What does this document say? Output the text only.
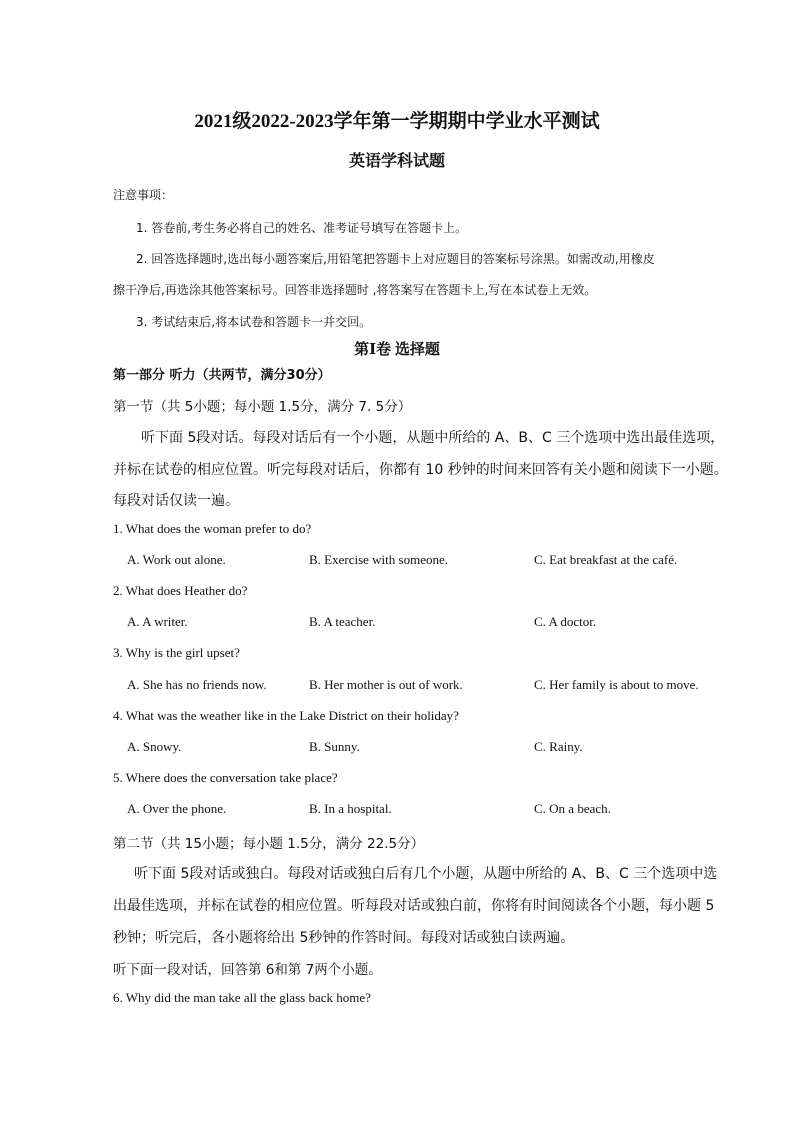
2021级2022-2023学年第一学期期中学业水平测试
英语学科试题
注意事项：
1. 答卷前,考生务必将自己的姓名、准考证号填写在答题卡上。
2. 回答选择题时,选出每小题答案后,用铅笔把答题卡上对应题目的答案标号涂黑。如需改动,用橡皮
擦干净后,再选涂其他答案标号。回答非选择题时 ,将答案写在答题卡上,写在本试卷上无效。
3. 考试结束后,将本试卷和答题卡一并交回。
第Ⅰ卷 选择题
第一部分 听力（共两节，满分30分）
第一节（共 5小题；每小题 1.5分，满分 7. 5分）
听下面 5段对话。每段对话后有一个小题，从题中所给的 A、B、C 三个选项中选出最佳选项，
并标在试卷的相应位置。听完每段对话后，你都有 10 秒钟的时间来回答有关小题和阅读下一小题。
每段对话仅读一遍。
1. What does the woman prefer to do?
A. Work out alone.	B. Exercise with someone.	C. Eat breakfast at the café.
2. What does Heather do?
A. A writer.	B. A teacher.	C. A doctor.
3. Why is the girl upset?
A. She has no friends now.	B. Her mother is out of work.	C. Her family is about to move.
4. What was the weather like in the Lake District on their holiday?
A. Snowy.	B. Sunny.	C. Rainy.
5. Where does the conversation take place?
A. Over the phone.	B. In a hospital.	C. On a beach.
第二节（共 15小题；每小题 1.5分，满分 22.5分）
听下面 5段对话或独白。每段对话或独白后有几个小题，从题中所给的 A、B、C 三个选项中选
出最佳选项，并标在试卷的相应位置。听每段对话或独白前，你将有时间阅读各个小题，每小题 5
秒钟；听完后，各小题将给出 5秒钟的作答时间。每段对话或独白读两遍。
听下面一段对话，回答第 6和第 7两个小题。
6. Why did the man take all the glass back home?
